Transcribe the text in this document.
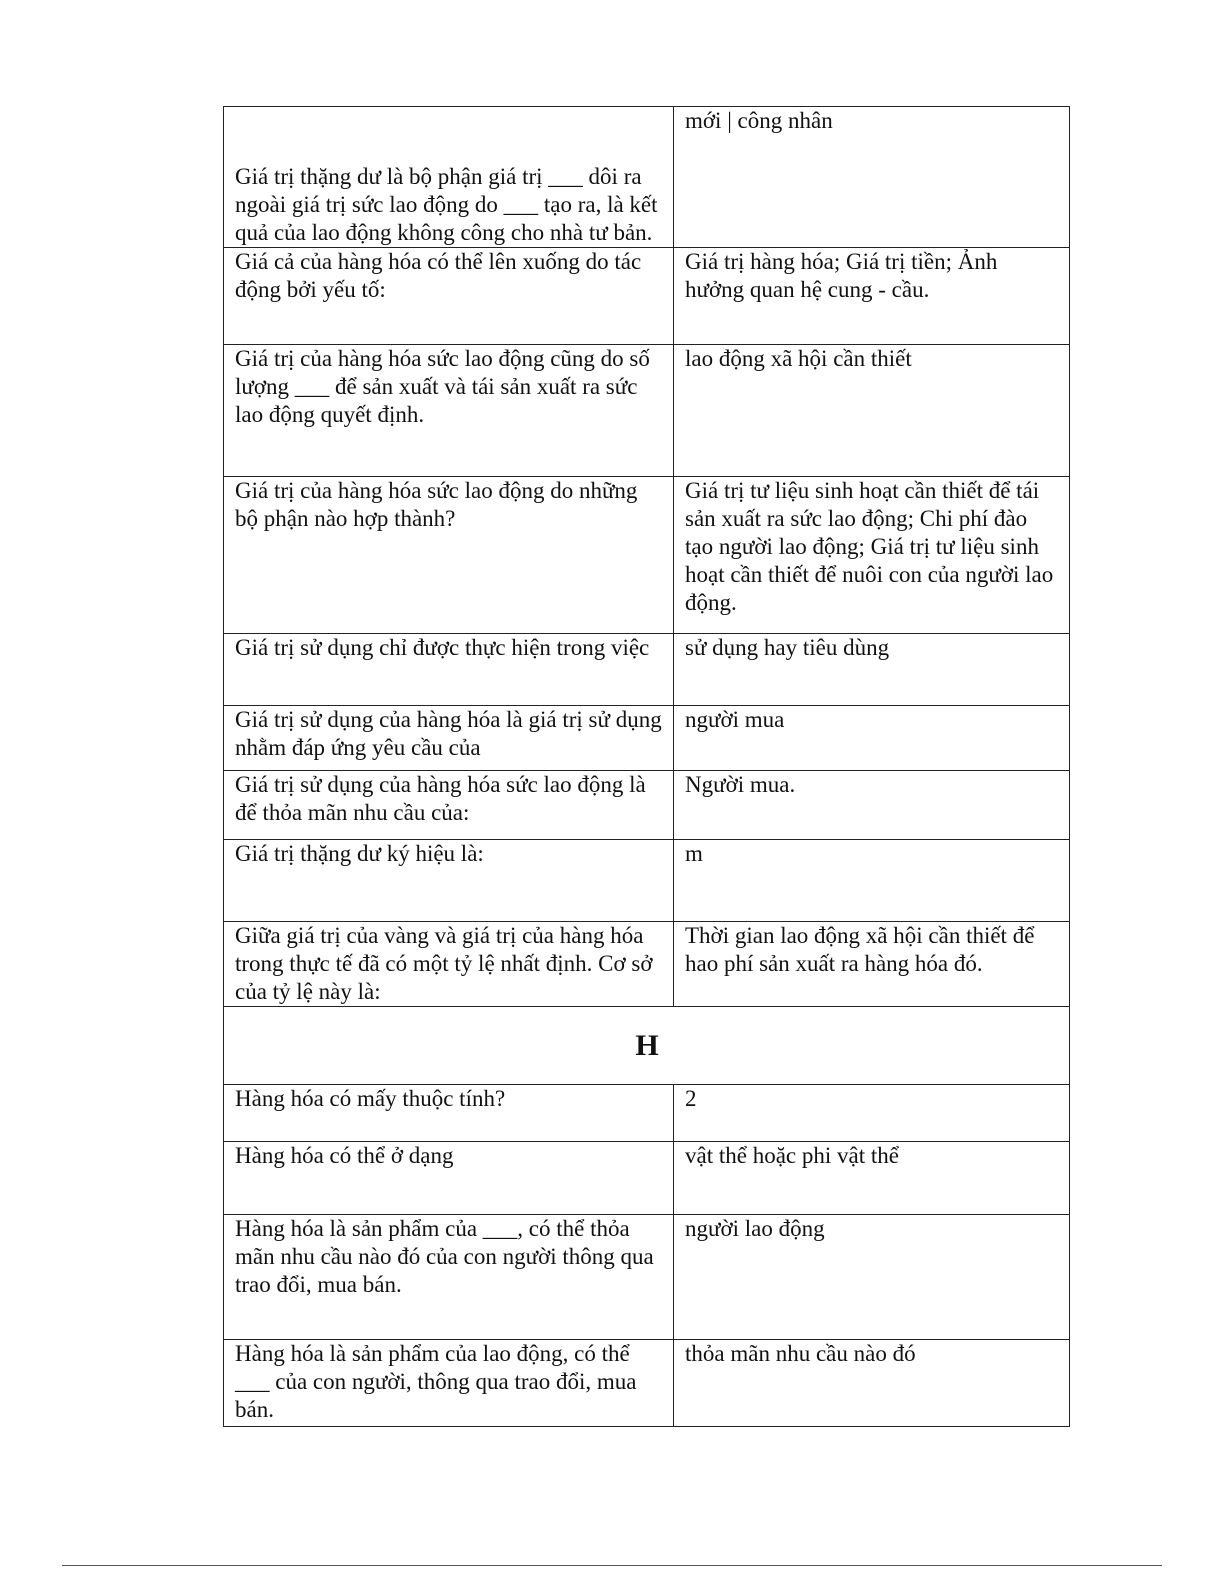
Giá trị thặng dư là bộ phận giá trị ___ dôi ra ngoài giá trị sức lao động do ___ tạo ra, là kết quả của lao động không công cho nhà tư bản.	mới | công nhân
Giá cả của hàng hóa có thể lên xuống do tác động bởi yếu tố:	Giá trị hàng hóa; Giá trị tiền; Ảnh hưởng quan hệ cung - cầu.
Giá trị của hàng hóa sức lao động cũng do số lượng ___ để sản xuất và tái sản xuất ra sức lao động quyết định.	lao động xã hội cần thiết
Giá trị của hàng hóa sức lao động do những bộ phận nào hợp thành?	Giá trị tư liệu sinh hoạt cần thiết để tái sản xuất ra sức lao động; Chi phí đào tạo người lao động; Giá trị tư liệu sinh hoạt cần thiết để nuôi con của người lao động.
Giá trị sử dụng chỉ được thực hiện trong việc	sử dụng hay tiêu dùng
Giá trị sử dụng của hàng hóa là giá trị sử dụng nhằm đáp ứng yêu cầu của	người mua
Giá trị sử dụng của hàng hóa sức lao động là để thỏa mãn nhu cầu của:	Người mua.
Giá trị thặng dư ký hiệu là:	m
Giữa giá trị của vàng và giá trị của hàng hóa trong thực tế đã có một tỷ lệ nhất định. Cơ sở của tỷ lệ này là:	Thời gian lao động xã hội cần thiết để hao phí sản xuất ra hàng hóa đó.
H	
Hàng hóa có mấy thuộc tính?	2
Hàng hóa có thể ở dạng	vật thể hoặc phi vật thể
Hàng hóa là sản phẩm của ___, có thể thỏa mãn nhu cầu nào đó của con người thông qua trao đổi, mua bán.	người lao động
Hàng hóa là sản phẩm của lao động, có thể ___ của con người, thông qua trao đổi, mua bán.	thỏa mãn nhu cầu nào đó
